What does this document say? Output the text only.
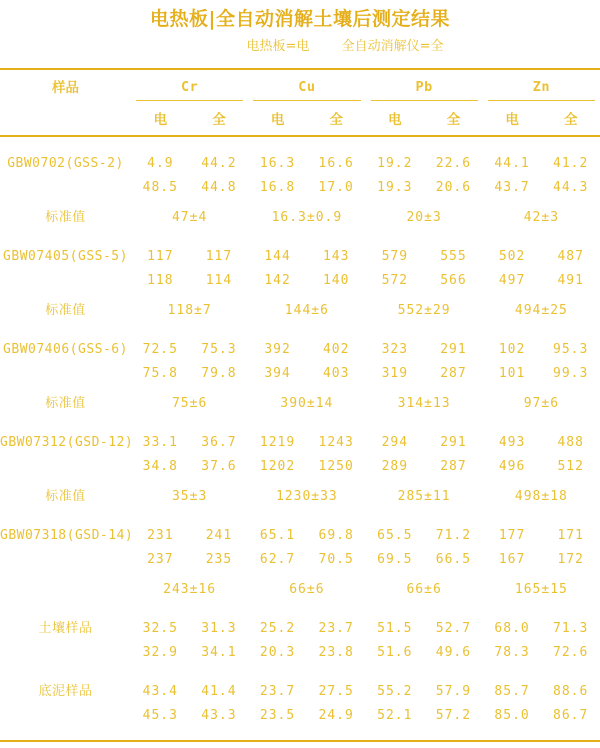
电热板|全自动消解土壤后测定结果
电热板=电 全自动消解仪=全
样品	Cr		Cu		Pb		Zn	

	电	全	电	全	电	全	电	全
GBW0702(GSS-2)	4.9	44.2	16.3	16.6	19.2	22.6	44.1	41.2
	48.5	44.8	16.8	17.0	19.3	20.6	43.7	44.3
标准值	47±4		16.3±0.9		20±3		42±3	
GBW07405(GSS-5)	117	117	144	143	579	555	502	487
	118	114	142	140	572	566	497	491
标准值	118±7		144±6		552±29		494±25	
GBW07406(GSS-6)	72.5	75.3	392	402	323	291	102	95.3
	75.8	79.8	394	403	319	287	101	99.3
标准值	75±6		390±14		314±13		97±6	
GBW07312(GSD-12)	33.1	36.7	1219	1243	294	291	493	488
	34.8	37.6	1202	1250	289	287	496	512
标准值	35±3		1230±33		285±11		498±18	
GBW07318(GSD-14)	231	241	65.1	69.8	65.5	71.2	177	171
	237	235	62.7	70.5	69.5	66.5	167	172
	243±16		66±6		66±6		165±15	
土壤样品	32.5	31.3	25.2	23.7	51.5	52.7	68.0	71.3
	32.9	34.1	20.3	23.8	51.6	49.6	78.3	72.6
底泥样品	43.4	41.4	23.7	27.5	55.2	57.9	85.7	88.6
	45.3	43.3	23.5	24.9	52.1	57.2	85.0	86.7
